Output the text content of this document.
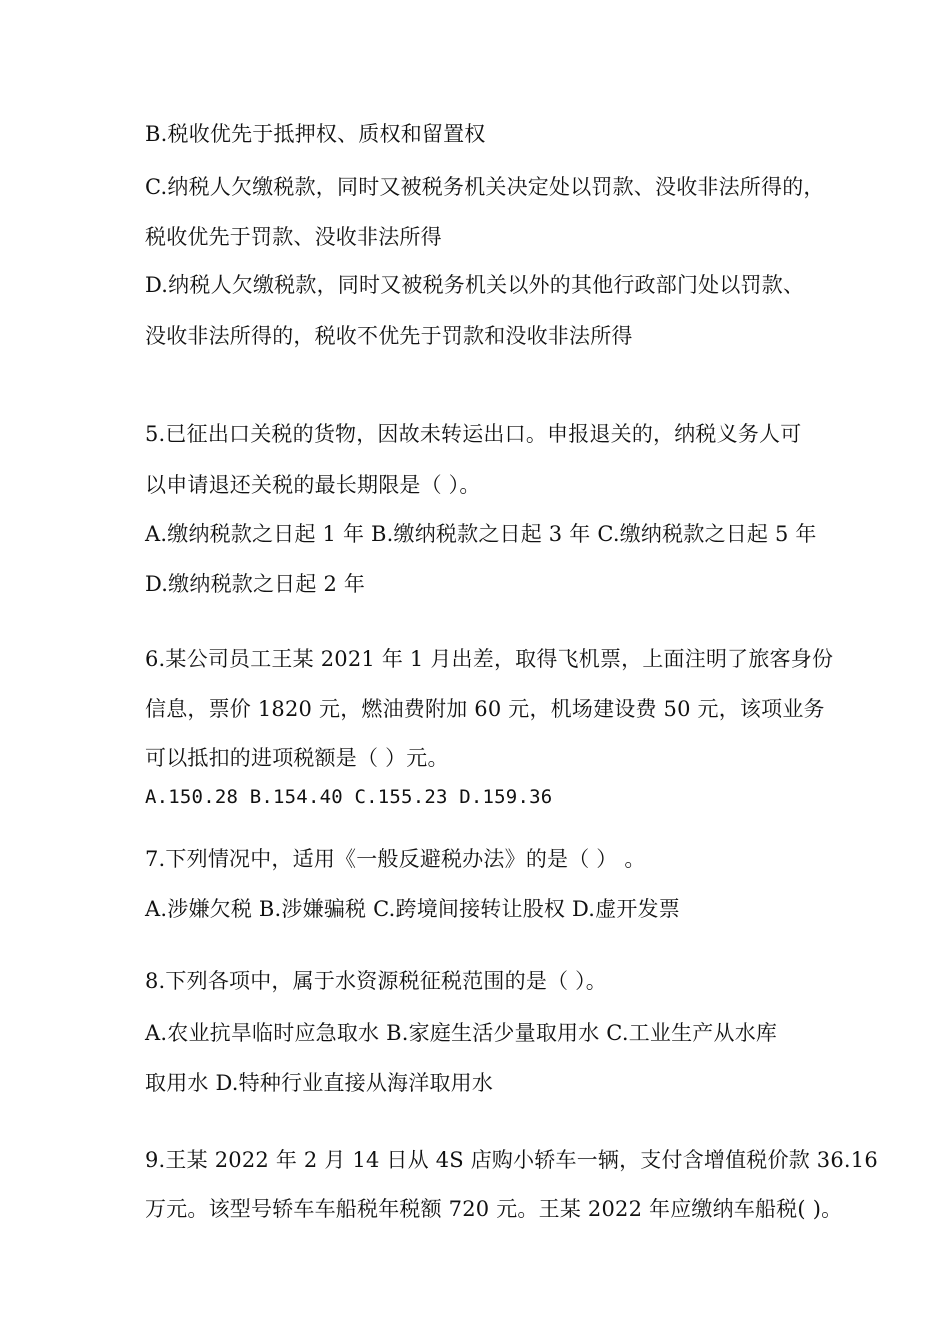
B.税收优先于抵押权、质权和留置权
C.纳税人欠缴税款，同时又被税务机关决定处以罚款、没收非法所得的，
税收优先于罚款、没收非法所得
D.纳税人欠缴税款，同时又被税务机关以外的其他行政部门处以罚款、
没收非法所得的，税收不优先于罚款和没收非法所得
5.已征出口关税的货物，因故未转运出口。申报退关的，纳税义务人可
以申请退还关税的最长期限是（ ）。
A.缴纳税款之日起 1 年 B.缴纳税款之日起 3 年 C.缴纳税款之日起 5 年
D.缴纳税款之日起 2 年
6.某公司员工王某 2021 年 1 月出差，取得飞机票，上面注明了旅客身份
信息，票价 1820 元，燃油费附加 60 元，机场建设费 50 元，该项业务
可以抵扣的进项税额是（ ）元。
A.150.28 B.154.40 C.155.23 D.159.36
7.下列情况中，适用《一般反避税办法》的是（ ） 。
A.涉嫌欠税 B.涉嫌骗税 C.跨境间接转让股权 D.虚开发票
8.下列各项中，属于水资源税征税范围的是（ ）。
A.农业抗旱临时应急取水 B.家庭生活少量取用水 C.工业生产从水库
取用水 D.特种行业直接从海洋取用水
9.王某 2022 年 2 月 14 日从 4S 店购小轿车一辆，支付含增值税价款 36.16
万元。该型号轿车车船税年税额 720 元。王某 2022 年应缴纳车船税( )。
